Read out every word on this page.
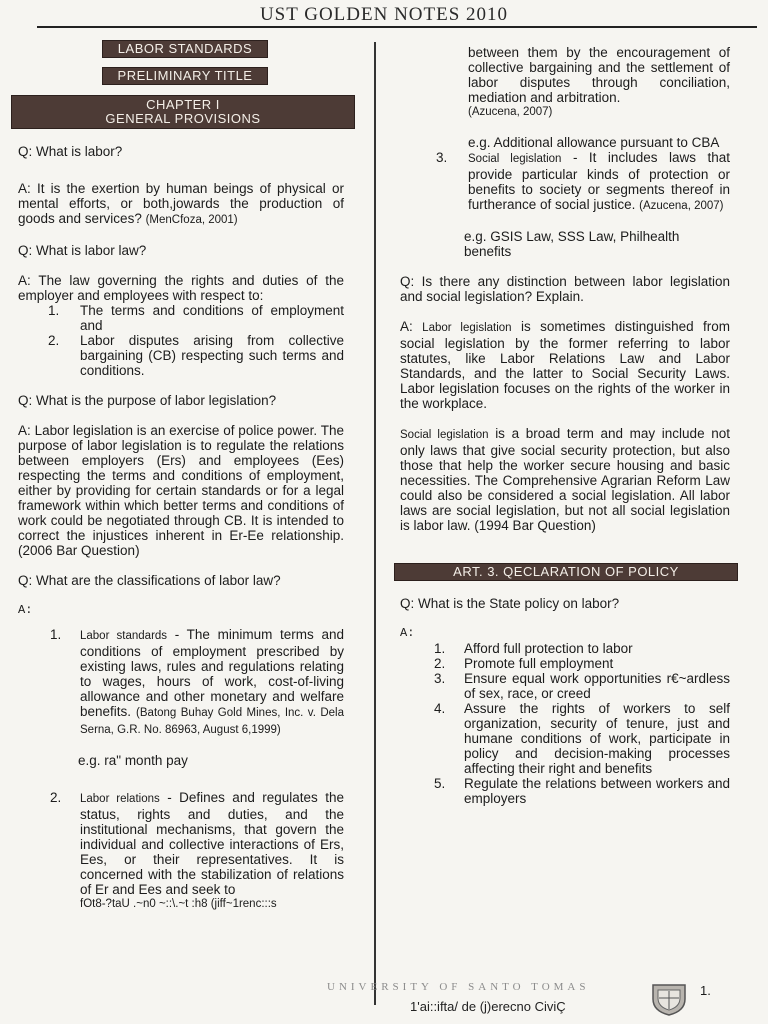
UST GOLDEN NOTES 2010
LABOR STANDARDS
PRELIMINARY TITLE
CHAPTER I
GENERAL PROVISIONS

Q: What is labor?

A: It is the exertion by human beings of physical or mental efforts, or both,jowards the production of goods and services? (MenCfoza, 2001)

Q: What is labor law?

A: The law governing the rights and duties of the employer and employees with respect to:

1.	The terms and conditions of employment and
2.	Labor disputes arising from collective bargaining (CB) respecting such terms and conditions.

Q: What is the purpose of labor legislation?

A: Labor legislation is an exercise of police power. The purpose of labor legislation is to regulate the relations between employers (Ers) and employees (Ees) respecting the terms and conditions of employment, either by providing for certain standards or for a legal framework within which better terms and conditions of work could be negotiated through CB. It is intended to correct the injustices inherent in Er-Ee relationship. (2006 Bar Question)

Q: What are the classifications of labor law?

A:
1.	Labor standards - The minimum terms and conditions of employment prescribed by existing laws, rules and regulations relating to wages, hours of work, cost-of-living allowance and other monetary and welfare benefits. (Batong Buhay Gold Mines, Inc. v. Dela Serna, G.R. No. 86963, August 6,1999)

e.g. ra" month pay

2.	Labor relations - Defines and regulates the status, rights and duties, and the institutional mechanisms, that govern the individual and collective interactions of Ers, Ees, or their representatives. It is concerned with the stabilization of relations of Er and Ees and seek to

fOt8-?taU .~n0 ~::\.~t :h8 (jiff~1renc:::s

between them by the encouragement of collective bargaining and the settlement of labor disputes through conciliation, mediation and arbitration.

(Azucena, 2007)

e.g. Additional allowance pursuant to CBA

3.	Social legislation - It includes laws that provide particular kinds of protection or benefits to society or segments thereof in furtherance of social justice. (Azucena, 2007)

e.g. GSIS Law, SSS Law, Philhealth benefits

Q: Is there any distinction between labor legislation and social legislation? Explain.

A: Labor legislation is sometimes distinguished from social legislation by the former referring to labor statutes, like Labor Relations Law and Labor Standards, and the latter to Social Security Laws. Labor legislation focuses on the rights of the worker in the workplace.

Social legislation is a broad term and may include not only laws that give social security protection, but also those that help the worker secure housing and basic necessities. The Comprehensive Agrarian Reform Law could also be considered a social legislation. All labor laws are social legislation, but not all social legislation is labor law. (1994 Bar Question)

ART. 3. QECLARATION OF POLICY

Q: What is the State policy on labor?

A:
1.	Afford full protection to labor
2.	Promote full employment
3.	Ensure equal work opportunities r€~ardless of sex, race, or creed
4.	Assure the rights of workers to self organization, security of tenure, just and humane conditions of work, participate in policy and decision-making processes affecting their right and benefits
5.	Regulate the relations between workers and employers
UNIVERSITY OF SANTO TOMAS
1'ai::ifta/ de (j)erecno CiviÇ
1.
